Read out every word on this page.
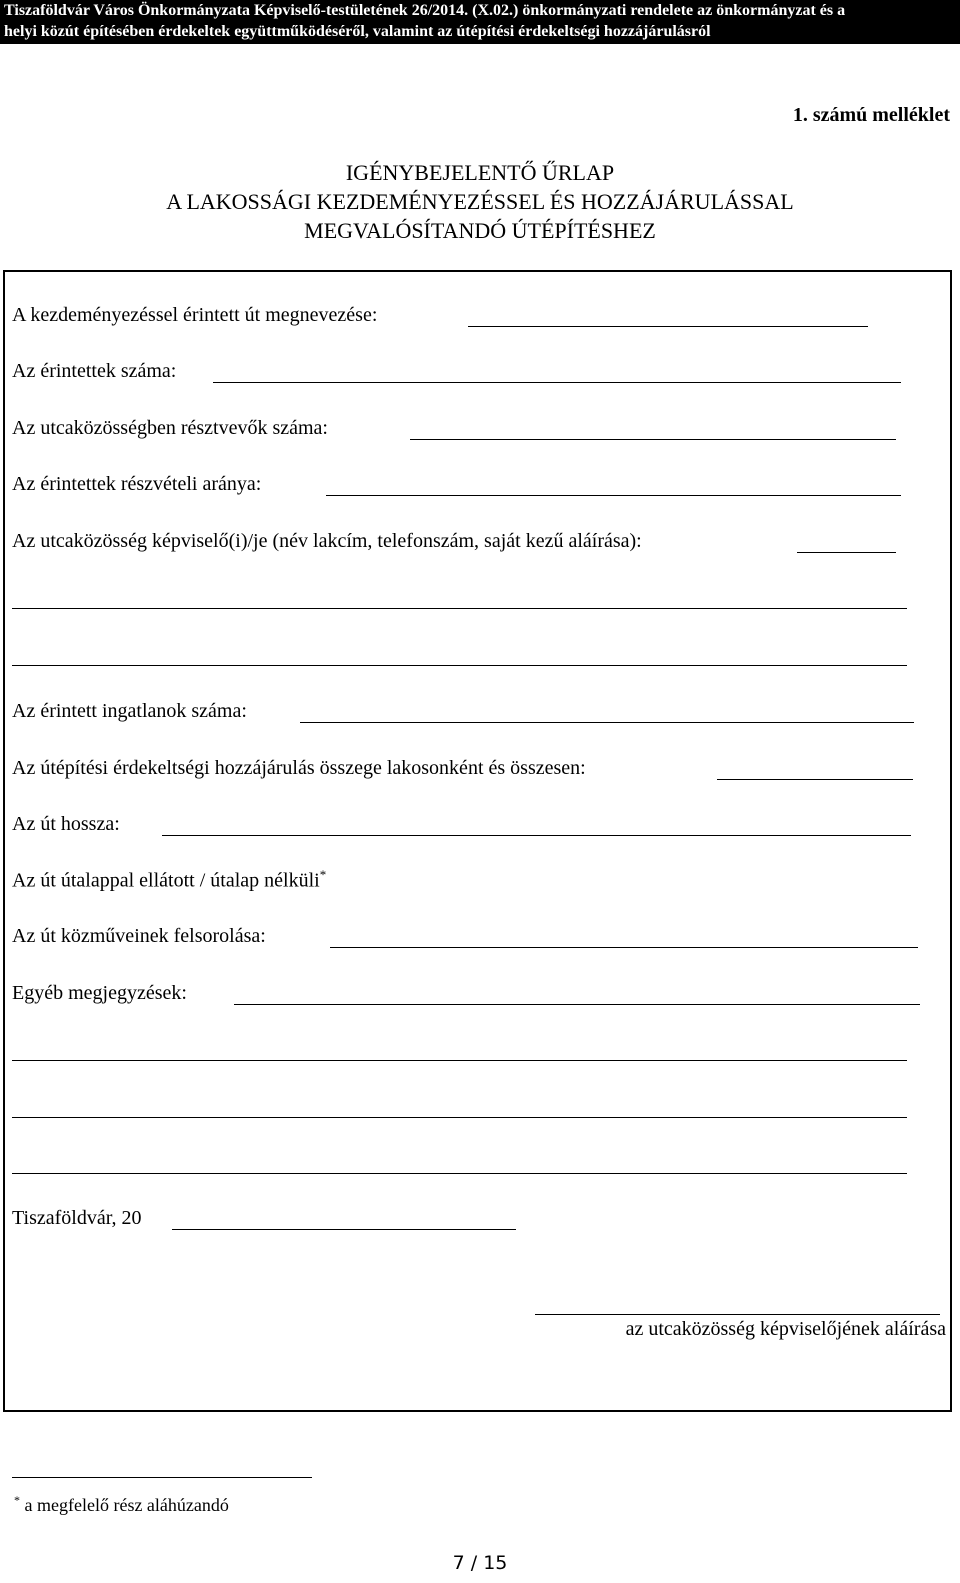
Tiszaföldvár Város Önkormányzata Képviselő-testületének 26/2014. (X.02.) önkormányzati rendelete az önkormányzat és a
helyi közút építésében érdekeltek együttműködéséről, valamint az útépítési érdekeltségi hozzájárulásról
1. számú melléklet
IGÉNYBEJELENTŐ ŰRLAP
A LAKOSSÁGI KEZDEMÉNYEZÉSSEL ÉS HOZZÁJÁRULÁSSAL
MEGVALÓSÍTANDÓ ÚTÉPÍTÉSHEZ
A kezdeményezéssel érintett út megnevezése:
Az érintettek száma:
Az utcaközösségben résztvevők száma:
Az érintettek részvételi aránya:
Az utcaközösség képviselő(i)/je (név lakcím, telefonszám, saját kezű aláírása):
Az érintett ingatlanok száma:
Az útépítési érdekeltségi hozzájárulás összege lakosonként és összesen:
Az út hossza:
Az út útalappal ellátott / útalap nélküli*
Az út közműveinek felsorolása:
Egyéb megjegyzések:
Tiszaföldvár, 20
az utcaközösség képviselőjének aláírása
* a megfelelő rész aláhúzandó
7 / 15
